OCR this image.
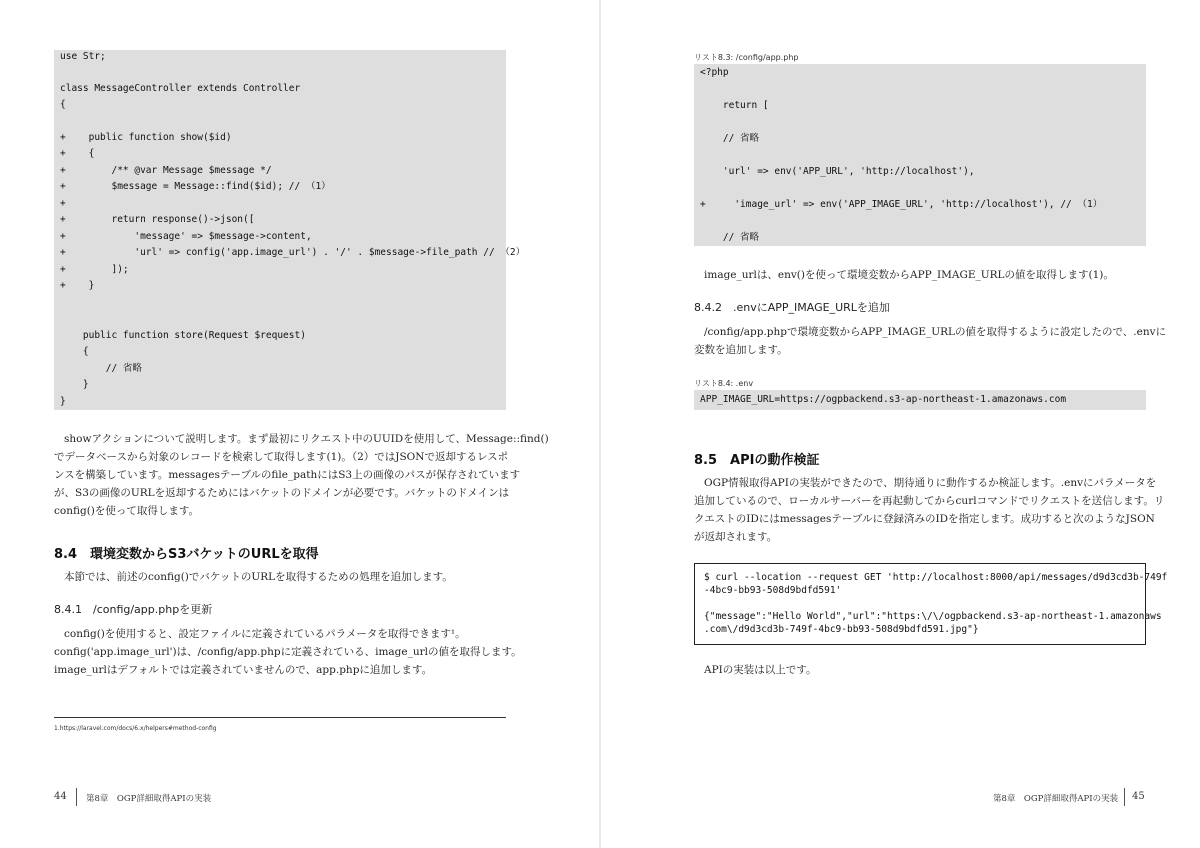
use Str;
class MessageController extends Controller
{
+    public function show($id)
+    {
+        /** @var Message $message */
+        $message = Message::find($id); // （1）
+
+        return response()->json([
+            'message' => $message->content,
+            'url' => config('app.image_url') . '/' . $message->file_path // （2）
+        ]);
+    }
public function store(Request $request)
{
// 省略
}
}
showアクションについて説明します。まず最初にリクエスト中のUUIDを使用して、Message::find()
でデータベースから対象のレコードを検索して取得します(1)。（2）ではJSONで返却するレスポ
ンスを構築しています。messagesテーブルのfile_pathにはS3上の画像のパスが保存されています
が、S3の画像のURLを返却するためにはバケットのドメインが必要です。バケットのドメインは
config()を使って取得します。
8.4　環境変数からS3バケットのURLを取得
本節では、前述のconfig()でバケットのURLを取得するための処理を追加します。
8.4.1　/config/app.phpを更新
config()を使用すると、設定ファイルに定義されているパラメータを取得できます¹。
config('app.image_url')は、/config/app.phpに定義されている、image_urlの値を取得します。
image_urlはデフォルトでは定義されていませんので、app.phpに追加します。
1.https://laravel.com/docs/6.x/helpers#method-config
44 第8章　OGP詳細取得APIの実装
リスト8.3: /config/app.php
<?php
return [
// 省略
'url' => env('APP_URL', 'http://localhost'),
+     'image_url' => env('APP_IMAGE_URL', 'http://localhost'), // （1）
// 省略
image_urlは、env()を使って環境変数からAPP_IMAGE_URLの値を取得します(1)。
8.4.2　.envにAPP_IMAGE_URLを追加
/config/app.phpで環境変数からAPP_IMAGE_URLの値を取得するように設定したので、.envに
変数を追加します。
リスト8.4: .env
APP_IMAGE_URL=https://ogpbackend.s3-ap-northeast-1.amazonaws.com
8.5　APIの動作検証
OGP情報取得APIの実装ができたので、期待通りに動作するか検証します。.envにパラメータを
追加しているので、ローカルサーバーを再起動してからcurlコマンドでリクエストを送信します。リ
クエストのIDにはmessagesテーブルに登録済みのIDを指定します。成功すると次のようなJSON
が返却されます。
$ curl --location --request GET 'http://localhost:8000/api/messages/d9d3cd3b-749f
-4bc9-bb93-508d9bdfd591'
{"message":"Hello World","url":"https:\/\/ogpbackend.s3-ap-northeast-1.amazonaws
.com\/d9d3cd3b-749f-4bc9-bb93-508d9bdfd591.jpg"}
APIの実装は以上です。
第8章　OGP詳細取得APIの実装 45
